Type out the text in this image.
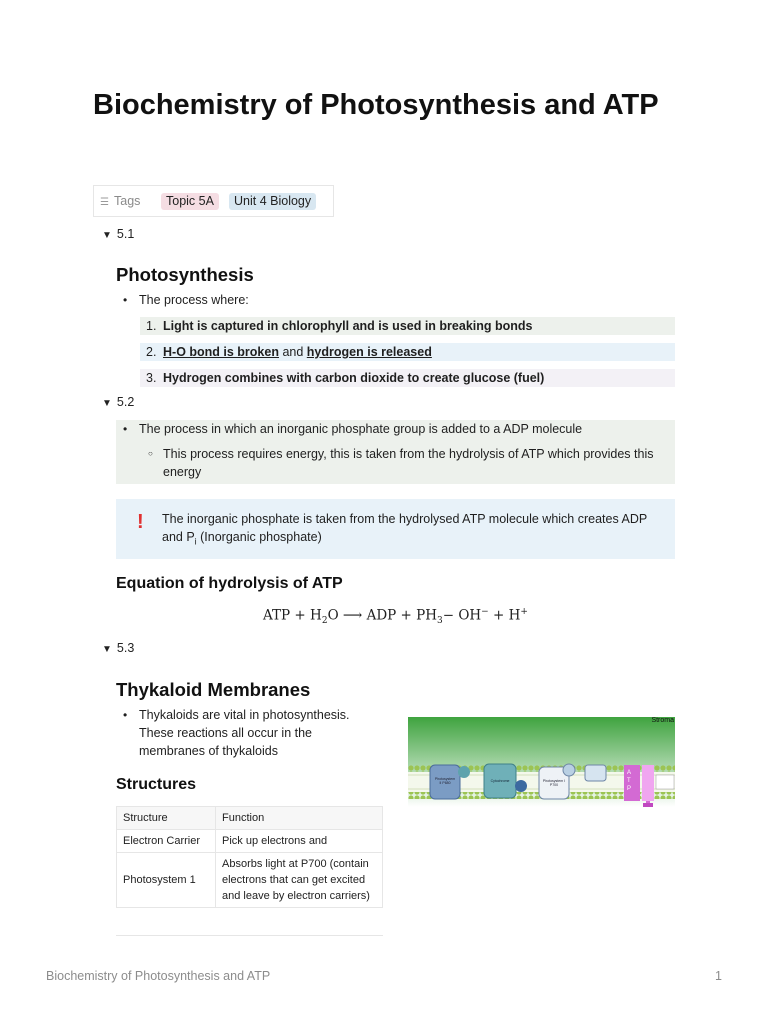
Biochemistry of Photosynthesis and ATP
☰ Tags	Topic 5A	Unit 4 Biology
▼ 5.1
Photosynthesis
• The process where:
1. Light is captured in chlorophyll and is used in breaking bonds
2. H-O bond is broken and hydrogen is released
3. Hydrogen combines with carbon dioxide to create glucose (fuel)
▼ 5.2
• The process in which an inorganic phosphate group is added to a ADP molecule
○ This process requires energy, this is taken from the hydrolysis of ATP which provides this energy
! The inorganic phosphate is taken from the hydrolysed ATP molecule which creates ADP and $P_i$ (Inorganic phosphate)
Equation of hydrolysis of ATP
ATP + $H_2O$ ⟶ ADP + $PH_3- OH^- + H^+$
▼ 5.3
Thykaloid Membranes
• Thykaloids are vital in photosynthesis. These reactions all occur in the membranes of thykaloids
Stroma
Photosystem II P680	Cytochrome	Photosystem I P700
A
T
P
Structures
Structure	Function
Electron Carrier	Pick up electrons and
Photosystem 1	Absorbs light at P700 (contain electrons that can get excited and leave by electron carriers)
Biochemistry of Photosynthesis and ATP	1
